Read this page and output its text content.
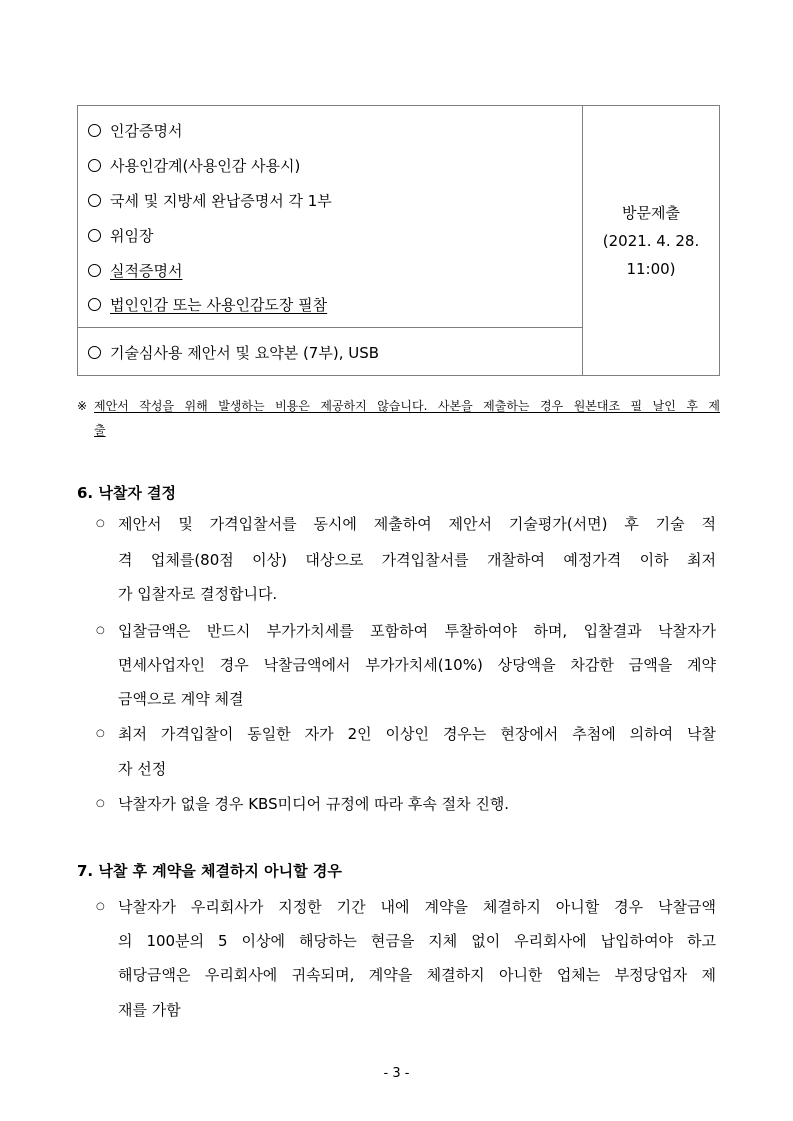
인감증명서
사용인감계(사용인감 사용시)
국세 및 지방세 완납증명서 각 1부
위임장
실적증명서
법인인감 또는 사용인감도장 필참
기술심사용 제안서 및 요약본 (7부), USB
방문제출
(2021. 4. 28.
11:00)
※ 제안서 작성을 위해 발생하는 비용은 제공하지 않습니다. 사본을 제출하는 경우 원본대조 필 날인 후 제
출
6. 낙찰자 결정
○ 제안서 및 가격입찰서를 동시에 제출하여 제안서 기술평가(서면) 후 기술 적
격 업체를(80점 이상) 대상으로 가격입찰서를 개찰하여 예정가격 이하 최저
가 입찰자로 결정합니다.
○ 입찰금액은 반드시 부가가치세를 포함하여 투찰하여야 하며, 입찰결과 낙찰자가
면세사업자인 경우 낙찰금액에서 부가가치세(10%) 상당액을 차감한 금액을 계약
금액으로 계약 체결
○ 최저 가격입찰이 동일한 자가 2인 이상인 경우는 현장에서 추첨에 의하여 낙찰
자 선정
○ 낙찰자가 없을 경우 KBS미디어 규정에 따라 후속 절차 진행.
7. 낙찰 후 계약을 체결하지 아니할 경우
○ 낙찰자가 우리회사가 지정한 기간 내에 계약을 체결하지 아니할 경우 낙찰금액
의 100분의 5 이상에 해당하는 현금을 지체 없이 우리회사에 납입하여야 하고
해당금액은 우리회사에 귀속되며, 계약을 체결하지 아니한 업체는 부정당업자 제
재를 가함
- 3 -
